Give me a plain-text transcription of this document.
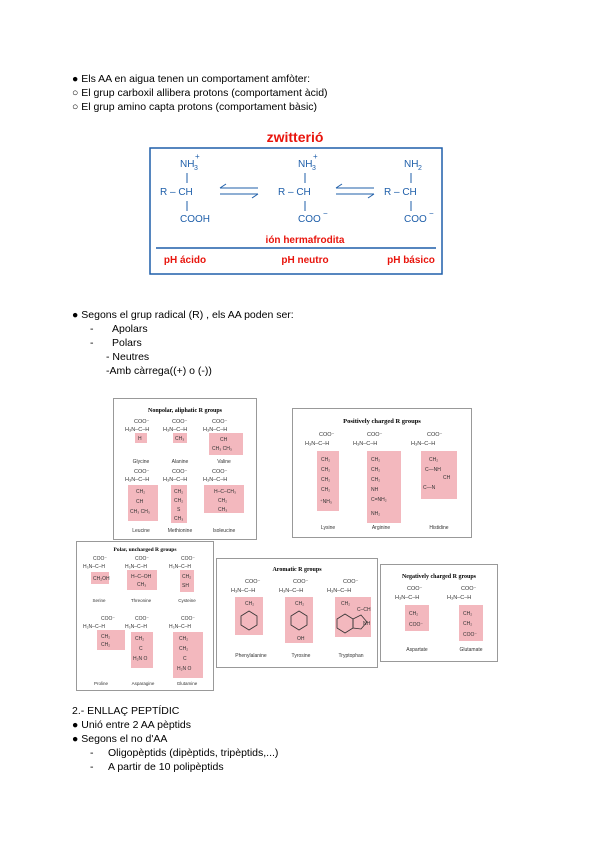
● Els AA en aigua tenen un comportament amfòter:
○ El grup carboxil allibera protons (comportament àcid)
○ El grup amino capta protons (comportament bàsic)
zwitterió
NH 3
+
R – CH
COOH
NH 3
+
R – CH
COO
−
NH 2
R – CH
COO
−
ión hermafrodita
pH ácido	pH neutro	pH básico
● Segons el grup radical (R) , els AA poden ser:
- Apolars
- Polars
- Neutres
-Amb càrrega((+) o (-))
Nonpolar, aliphatic R groups
COO⁻
H₃N–C–H
COO⁻
H₃N–C–H
COO⁻
H₃N–C–H
COO⁻
H₃N–C–H
COO⁻
H₃N–C–H
COO⁻
H₃N–C–H
H	CH₃	CH
CH₃ CH₃
CH₂
CH
CH₃ CH₃
CH₂
CH₂
S
CH₃
H–C–CH₃
CH₂
CH₃
Glycine	Alanine	Valine
Leucine	Methionine	Isoleucine
Positively charged R groups
COO⁻
H₃N–C–H
COO⁻
H₃N–C–H
COO⁻
H₃N–C–H
CH₂
CH₂
CH₂
CH₂
⁺NH₃
CH₂
CH₂
CH₂
NH
C=NH₂
NH₂
CH₂
C—NH
CH
C—N
Lysine	Arginine	Histidine
Polar, uncharged R groups
COO⁻
H₃N–C–H
COO⁻
H₃N–C–H
COO⁻
H₃N–C–H
COO⁻
H₂N–C–H
COO⁻
H₃N–C–H
COO⁻
H₃N–C–H
CH₂OH	H–C–OH
CH₃
CH₂
SH
CH₂
CH₂
CH₂
C
H₂N O
CH₂
CH₂
C
H₂N O
Serine	Threonine	Cysteine
Proline	Asparagine	Glutamine
Aromatic R groups
COO⁻
H₃N–C–H
COO⁻
H₃N–C–H
COO⁻
H₃N–C–H
CH₂	CH₂	CH₂
OH
C–CH
NH
Phenylalanine	Tyrosine	Tryptophan
Negatively charged R groups
COO⁻
H₃N–C–H
COO⁻
H₃N–C–H
CH₂
COO⁻
CH₂
CH₂
COO⁻
Aspartate	Glutamate
2.- ENLLAÇ PEPTÍDIC
● Unió entre 2 AA pèptids
● Segons el no d'AA
- Oligopèptids (dipèptids, tripèptids,...)
- A partir de 10 polipèptids
